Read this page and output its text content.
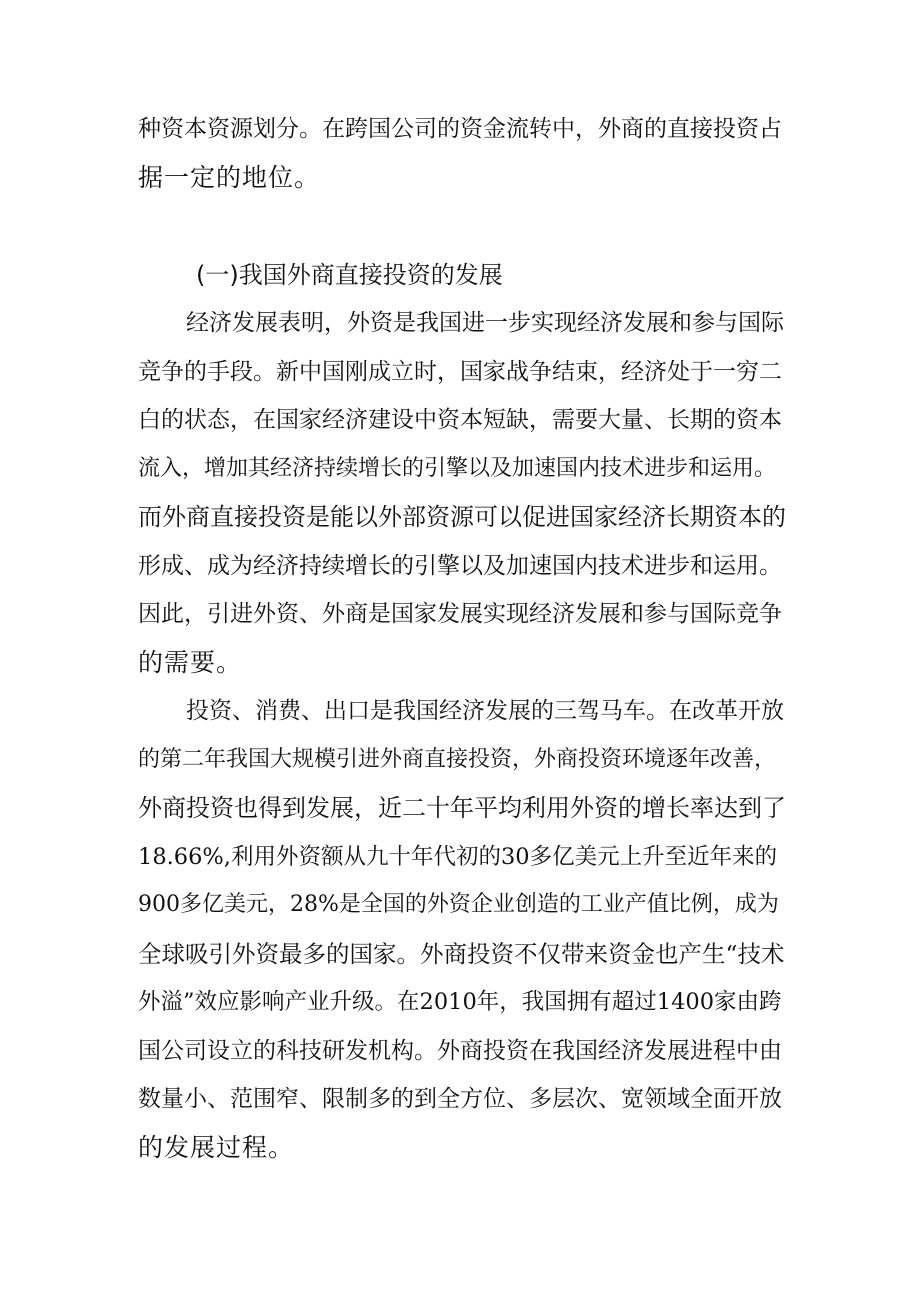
种资本资源划分。在跨国公司的资金流转中，外商的直接投资占
据一定的地位。
(一)我国外商直接投资的发展
经济发展表明，外资是我国进一步实现经济发展和参与国际
竞争的手段。新中国刚成立时，国家战争结束，经济处于一穷二
白的状态，在国家经济建设中资本短缺，需要大量、长期的资本
流入，增加其经济持续增长的引擎以及加速国内技术进步和运用。
而外商直接投资是能以外部资源可以促进国家经济长期资本的
形成、成为经济持续增长的引擎以及加速国内技术进步和运用。
因此，引进外资、外商是国家发展实现经济发展和参与国际竞争
的需要。
投资、消费、出口是我国经济发展的三驾马车。在改革开放
的第二年我国大规模引进外商直接投资，外商投资环境逐年改善，
外商投资也得到发展，近二十年平均利用外资的增长率达到了
18.66%,利用外资额从九十年代初的30多亿美元上升至近年来的
900多亿美元，28%是全国的外资企业创造的工业产值比例，成为
全球吸引外资最多的国家。外商投资不仅带来资金也产生“技术
外溢”效应影响产业升级。在2010年，我国拥有超过1400家由跨
国公司设立的科技研发机构。外商投资在我国经济发展进程中由
数量小、范围窄、限制多的到全方位、多层次、宽领域全面开放
的发展过程。
